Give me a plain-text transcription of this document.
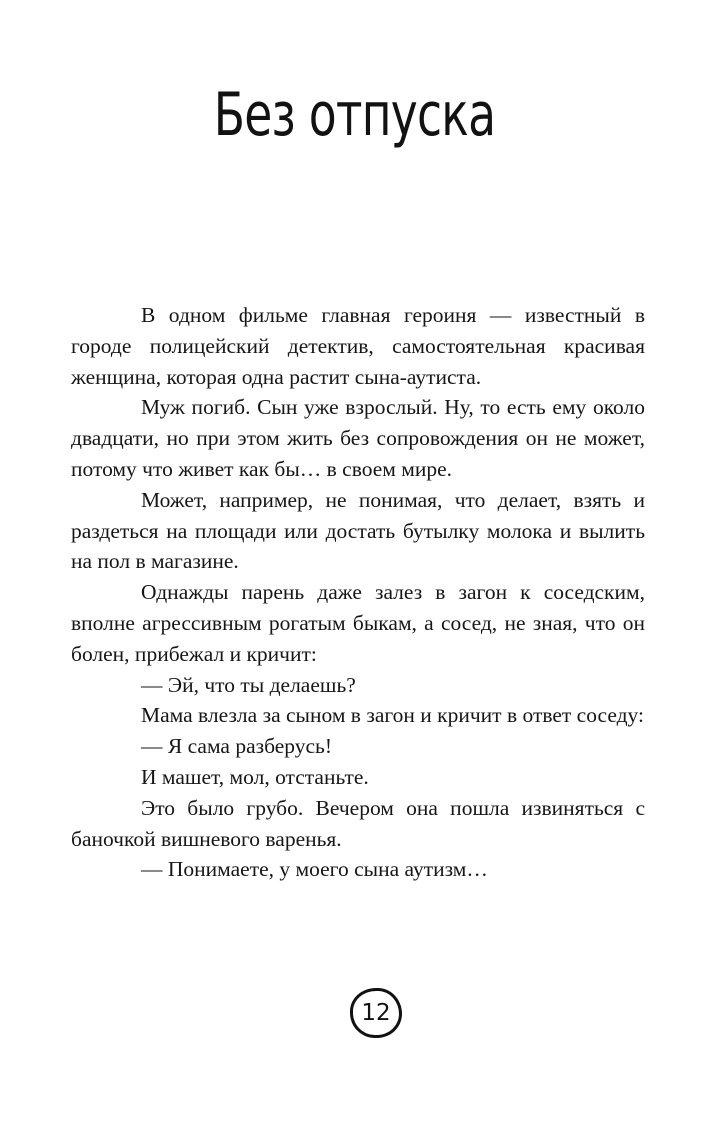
Без отпуска

В одном фильме главная героиня — известный в городе полицейский детектив, самостоятельная красивая женщина, которая одна растит сына-аутиста.

Муж погиб. Сын уже взрослый. Ну, то есть ему около двадцати, но при этом жить без сопровождения он не может, потому что живет как бы… в своем мире.

Может, например, не понимая, что делает, взять и раздеться на площади или достать бутылку молока и вылить на пол в магазине.

Однажды парень даже залез в загон к соседским, вполне агрессивным рогатым быкам, а сосед, не зная, что он болен, прибежал и кричит:

— Эй, что ты делаешь?

Мама влезла за сыном в загон и кричит в ответ соседу:

— Я сама разберусь!

И машет, мол, отстаньте.

Это было грубо. Вечером она пошла извиняться с баночкой вишневого варенья.

— Понимаете, у моего сына аутизм…

12
